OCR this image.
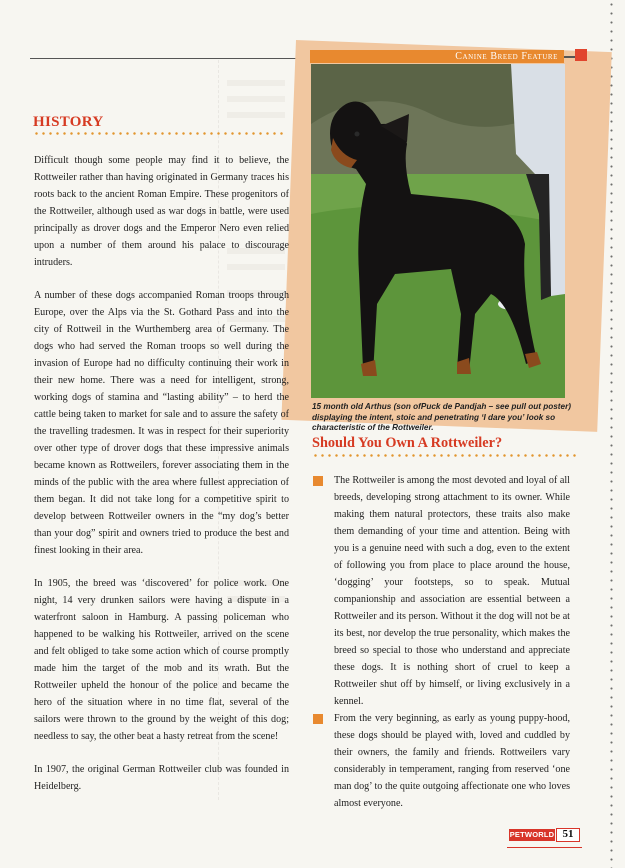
Canine Breed Feature
15 month old Arthus (son ofPuck de Pandjah – see pull out poster) displaying the intent, stoic and penetrating ‘I dare you’ look so characteristic of the Rottweiler.
HISTORY

Difficult though some people may find it to believe, the Rottweiler rather than having originated in Germany traces his roots back to the ancient Roman Empire. These progenitors of the Rottweiler, although used as war dogs in battle, were used principally as drover dogs and the Emperor Nero even relied upon a number of them around his palace to discourage intruders.

A number of these dogs accompanied Roman troops through Europe, over the Alps via the St. Gothard Pass and into the city of Rottweil in the Wurthemberg area of Germany. The dogs who had served the Roman troops so well during the invasion of Europe had no difficulty continuing their work in their new home. There was a need for intelligent, strong, working dogs of stamina and “lasting ability” – to herd the cattle being taken to market for sale and to assure the safety of the travelling tradesmen. It was in respect for their superiority over other type of drover dogs that these impressive animals became known as Rottweilers, forever associating them in the minds of the public with the area where fullest appreciation of them began. It did not take long for a competitive spirit to develop between Rottweiler owners in the “my dog’s better than your dog” spirit and owners tried to produce the best and finest looking in their area.

In 1905, the breed was ‘discovered’ for police work. One night, 14 very drunken sailors were having a dispute in a waterfront saloon in Hamburg. A passing policeman who happened to be walking his Rottweiler, arrived on the scene and felt obliged to take some action which of course promptly made him the target of the mob and its wrath. But the Rottweiler upheld the honour of the police and became the hero of the situation where in no time flat, several of the sailors were thrown to the ground by the weight of this dog; needless to say, the other beat a hasty retreat from the scene!

In 1907, the original German Rottweiler club was founded in Heidelberg.

Should You Own A Rottweiler?

The Rottweiler is among the most devoted and loyal of all breeds, developing strong attachment to its owner. While making them natural protectors, these traits also make them demanding of your time and attention. Being with you is a genuine need with such a dog, even to the extent of following you from place to place around the house, ‘dogging’ your footsteps, so to speak. Mutual companionship and association are essential between a Rottweiler and its person. Without it the dog will not be at its best, nor develop the true personality, which makes the breed so special to those who understand and appreciate these dogs. It is nothing short of cruel to keep a Rottweiler shut off by himself, or living exclusively in a kennel.

From the very beginning, as early as young puppy-hood, these dogs should be played with, loved and cuddled by their owners, the family and friends. Rottweilers vary considerably in temperament, ranging from reserved ‘one man dog’ to the quite outgoing affectionate one who loves almost everyone.

PETWORLD 51
